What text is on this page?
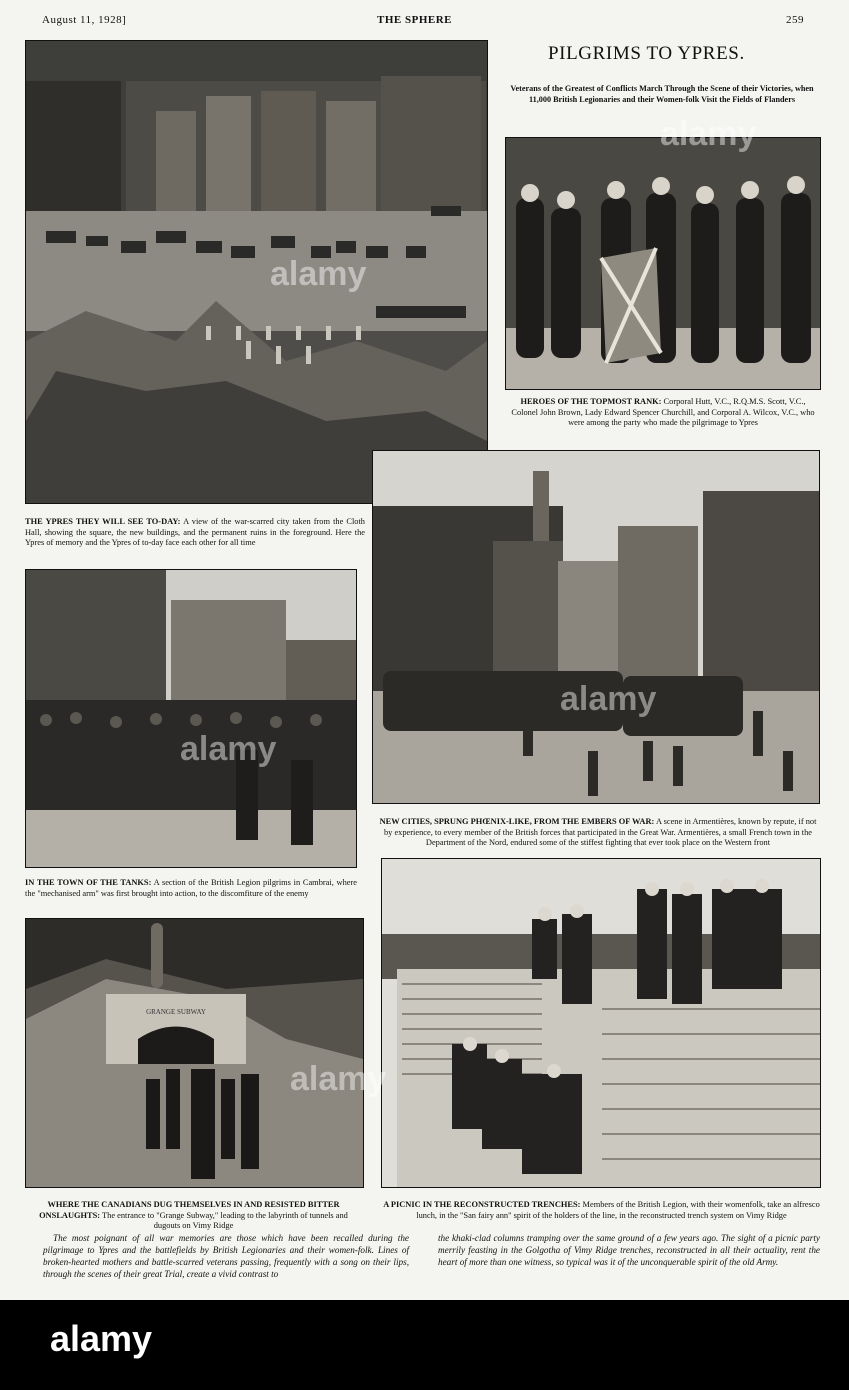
August 11, 1928]	THE SPHERE	259
PILGRIMS TO YPRES.
Veterans of the Greatest of Conflicts March Through the Scene of their Victories, when 11,000 British Legionaries and their Women-folk Visit the Fields of Flanders
HEROES OF THE TOPMOST RANK: Corporal Hutt, V.C., R.Q.M.S. Scott, V.C., Colonel John Brown, Lady Edward Spencer Churchill, and Corporal A. Wilcox, V.C., who were among the party who made the pilgrimage to Ypres
THE YPRES THEY WILL SEE TO-DAY: A view of the war-scarred city taken from the Cloth Hall, showing the square, the new buildings, and the permanent ruins in the foreground. Here the Ypres of memory and the Ypres of to-day face each other for all time
NEW CITIES, SPRUNG PHŒNIX-LIKE, FROM THE EMBERS OF WAR: A scene in Armentières, known by repute, if not by experience, to every member of the British forces that participated in the Great War. Armentières, a small French town in the Department of the Nord, endured some of the stiffest fighting that ever took place on the Western front
IN THE TOWN OF THE TANKS: A section of the British Legion pilgrims in Cambrai, where the "mechanised arm" was first brought into action, to the discomfiture of the enemy
GRANGE SUBWAY
WHERE THE CANADIANS DUG THEMSELVES IN AND RESISTED BITTER ONSLAUGHTS: The entrance to "Grange Subway," leading to the labyrinth of tunnels and dugouts on Vimy Ridge
A PICNIC IN THE RECONSTRUCTED TRENCHES: Members of the British Legion, with their womenfolk, take an alfresco lunch, in the "San fairy ann" spirit of the holders of the line, in the reconstructed trench system on Vimy Ridge
The most poignant of all war memories are those which have been recalled during the pilgrimage to Ypres and the battlefields by British Legionaries and their women-folk. Lines of broken-hearted mothers and battle-scarred veterans passing, frequently with a song on their lips, through the scenes of their great Trial, create a vivid contrast to
the khaki-clad columns tramping over the same ground of a few years ago. The sight of a picnic party merrily feasting in the Golgotha of Vimy Ridge trenches, reconstructed in all their actuality, rent the heart of more than one witness, so typical was it of the unconquerable spirit of the old Army.
alamy
alamy
alamy
alamy
alamy
alamy
